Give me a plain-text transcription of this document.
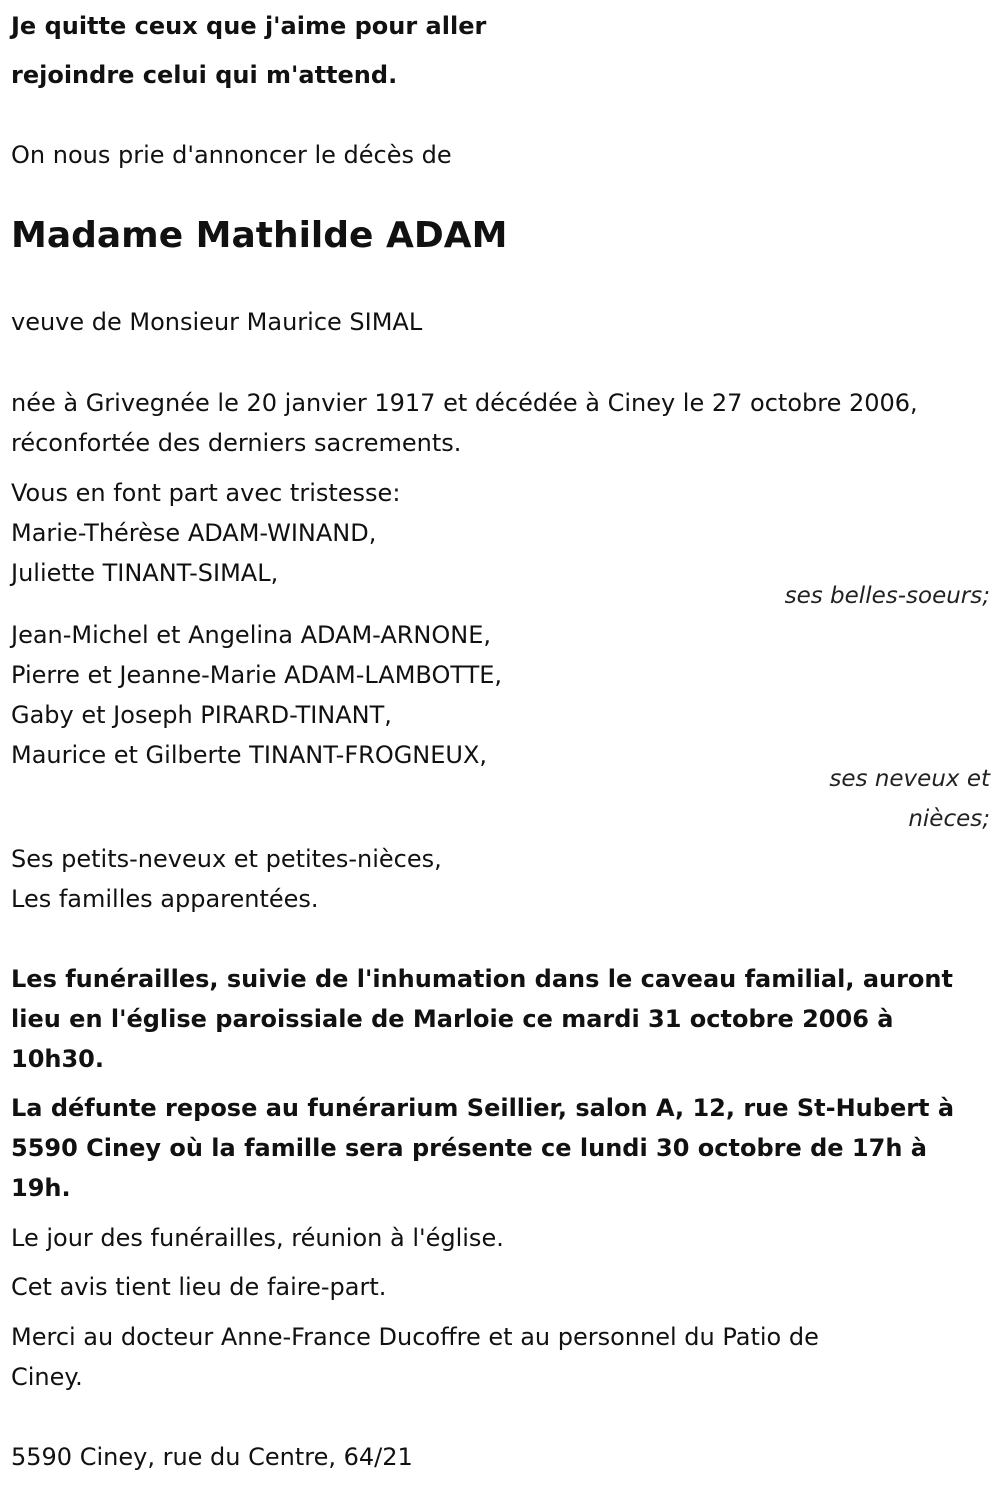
Je quitte ceux que j'aime pour aller
rejoindre celui qui m'attend.
On nous prie d'annoncer le décès de
Madame Mathilde ADAM
veuve de Monsieur Maurice SIMAL
née à Grivegnée le 20 janvier 1917 et décédée à Ciney le 27 octobre 2006,
réconfortée des derniers sacrements.
Vous en font part avec tristesse:
Marie-Thérèse ADAM-WINAND,
Juliette TINANT-SIMAL,
ses belles-soeurs;
Jean-Michel et Angelina ADAM-ARNONE,
Pierre et Jeanne-Marie ADAM-LAMBOTTE,
Gaby et Joseph PIRARD-TINANT,
Maurice et Gilberte TINANT-FROGNEUX,
ses neveux et
nièces;
Ses petits-neveux et petites-nièces,
Les familles apparentées.
Les funérailles, suivie de l'inhumation dans le caveau familial, auront
lieu en l'église paroissiale de Marloie ce mardi 31 octobre 2006 à
10h30.
La défunte repose au funérarium Seillier, salon A, 12, rue St-Hubert à
5590 Ciney où la famille sera présente ce lundi 30 octobre de 17h à
19h.
Le jour des funérailles, réunion à l'église.
Cet avis tient lieu de faire-part.
Merci au docteur Anne-France Ducoffre et au personnel du Patio de
Ciney.
5590 Ciney, rue du Centre, 64/21
